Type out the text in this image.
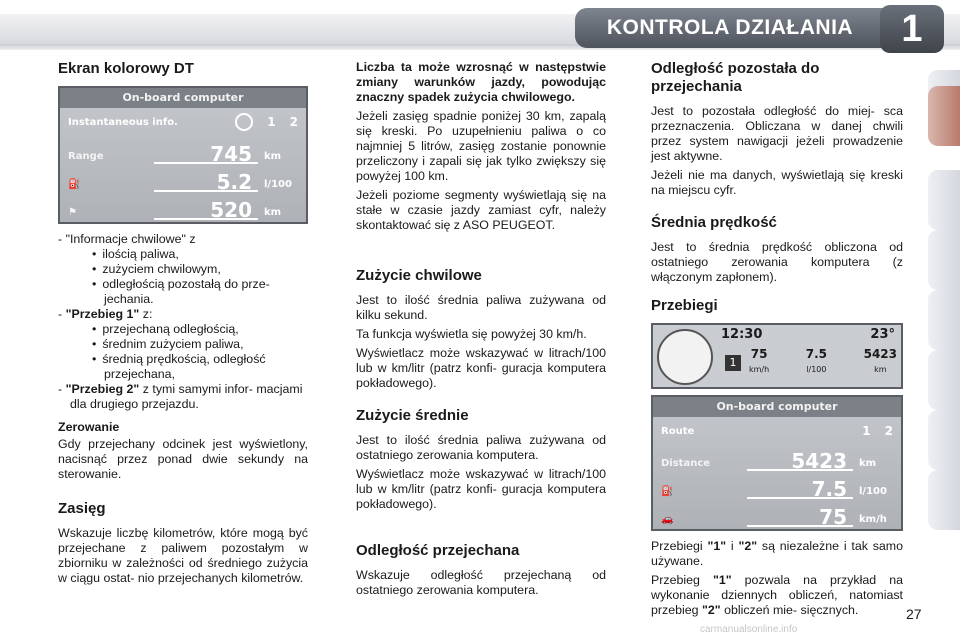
KONTROLA DZIAŁANIA	1
Ekran kolorowy DT
On-board computer
Instantaneous info.	1 2
Range	745	km
⛽	5.2	l/100
⚑	520	km
- "Informacje chwilowe" z
• ilością paliwa,
• zużyciem chwilowym,
• odległością pozostałą do prze- jechania.
- "Przebieg 1" z:
• przejechaną odległością,
• średnim zużyciem paliwa,
• średnią prędkością, odległość przejechana,
- "Przebieg 2" z tymi samymi infor- macjami dla drugiego przejazdu.
Zerowanie

Gdy przejechany odcinek jest wyświetlony, nacisnąć przez ponad dwie sekundy na sterowanie.

Zasięg

Wskazuje liczbę kilometrów, które mogą być przejechane z paliwem pozostałym w zbiorniku w zależności od średniego zużycia w ciągu ostat- nio przejechanych kilometrów.

Liczba ta może wzrosnąć w następstwie zmiany warunków jazdy, powodując znaczny spadek zużycia chwilowego.

Jeżeli zasięg spadnie poniżej 30 km, zapalą się kreski. Po uzupełnieniu paliwa o co najmniej 5 litrów, zasięg zostanie ponownie przeliczony i zapali się jak tylko zwiększy się powyżej 100 km.

Jeżeli poziome segmenty wyświetlają się na stałe w czasie jazdy zamiast cyfr, należy skontaktować się z ASO PEUGEOT.

Zużycie chwilowe

Jest to ilość średnia paliwa zużywana od kilku sekund.

Ta funkcja wyświetla się powyżej 30 km/h.

Wyświetlacz może wskazywać w litrach/100 lub w km/litr (patrz konfi- guracja komputera pokładowego).

Zużycie średnie

Jest to ilość średnia paliwa zużywana od ostatniego zerowania komputera.

Wyświetlacz może wskazywać w litrach/100 lub w km/litr (patrz konfi- guracja komputera pokładowego).

Odległość przejechana

Wskazuje odległość przejechaną od ostatniego zerowania komputera.

Odległość pozostała do przejechania

Jest to pozostała odległość do miej- sca przeznaczenia. Obliczana w danej chwili przez system nawigacji jeżeli prowadzenie jest aktywne.

Jeżeli nie ma danych, wyświetlają się kreski na miejscu cyfr.

Średnia prędkość

Jest to średnia prędkość obliczona od ostatniego zerowania komputera (z włączonym zapłonem).

Przebiegi
12:30	23°
1
75
km/h
7.5
l/100
5423
km
On-board computer
Route	1 2
Distance	5423	km
⛽	7.5	l/100
🚗	75	km/h

Przebiegi "1" i "2" są niezależne i tak samo używane.

Przebieg "1" pozwala na przykład na wykonanie dziennych obliczeń, natomiast przebieg "2" obliczeń mie- sięcznych.	27
carmanualsonline.info
